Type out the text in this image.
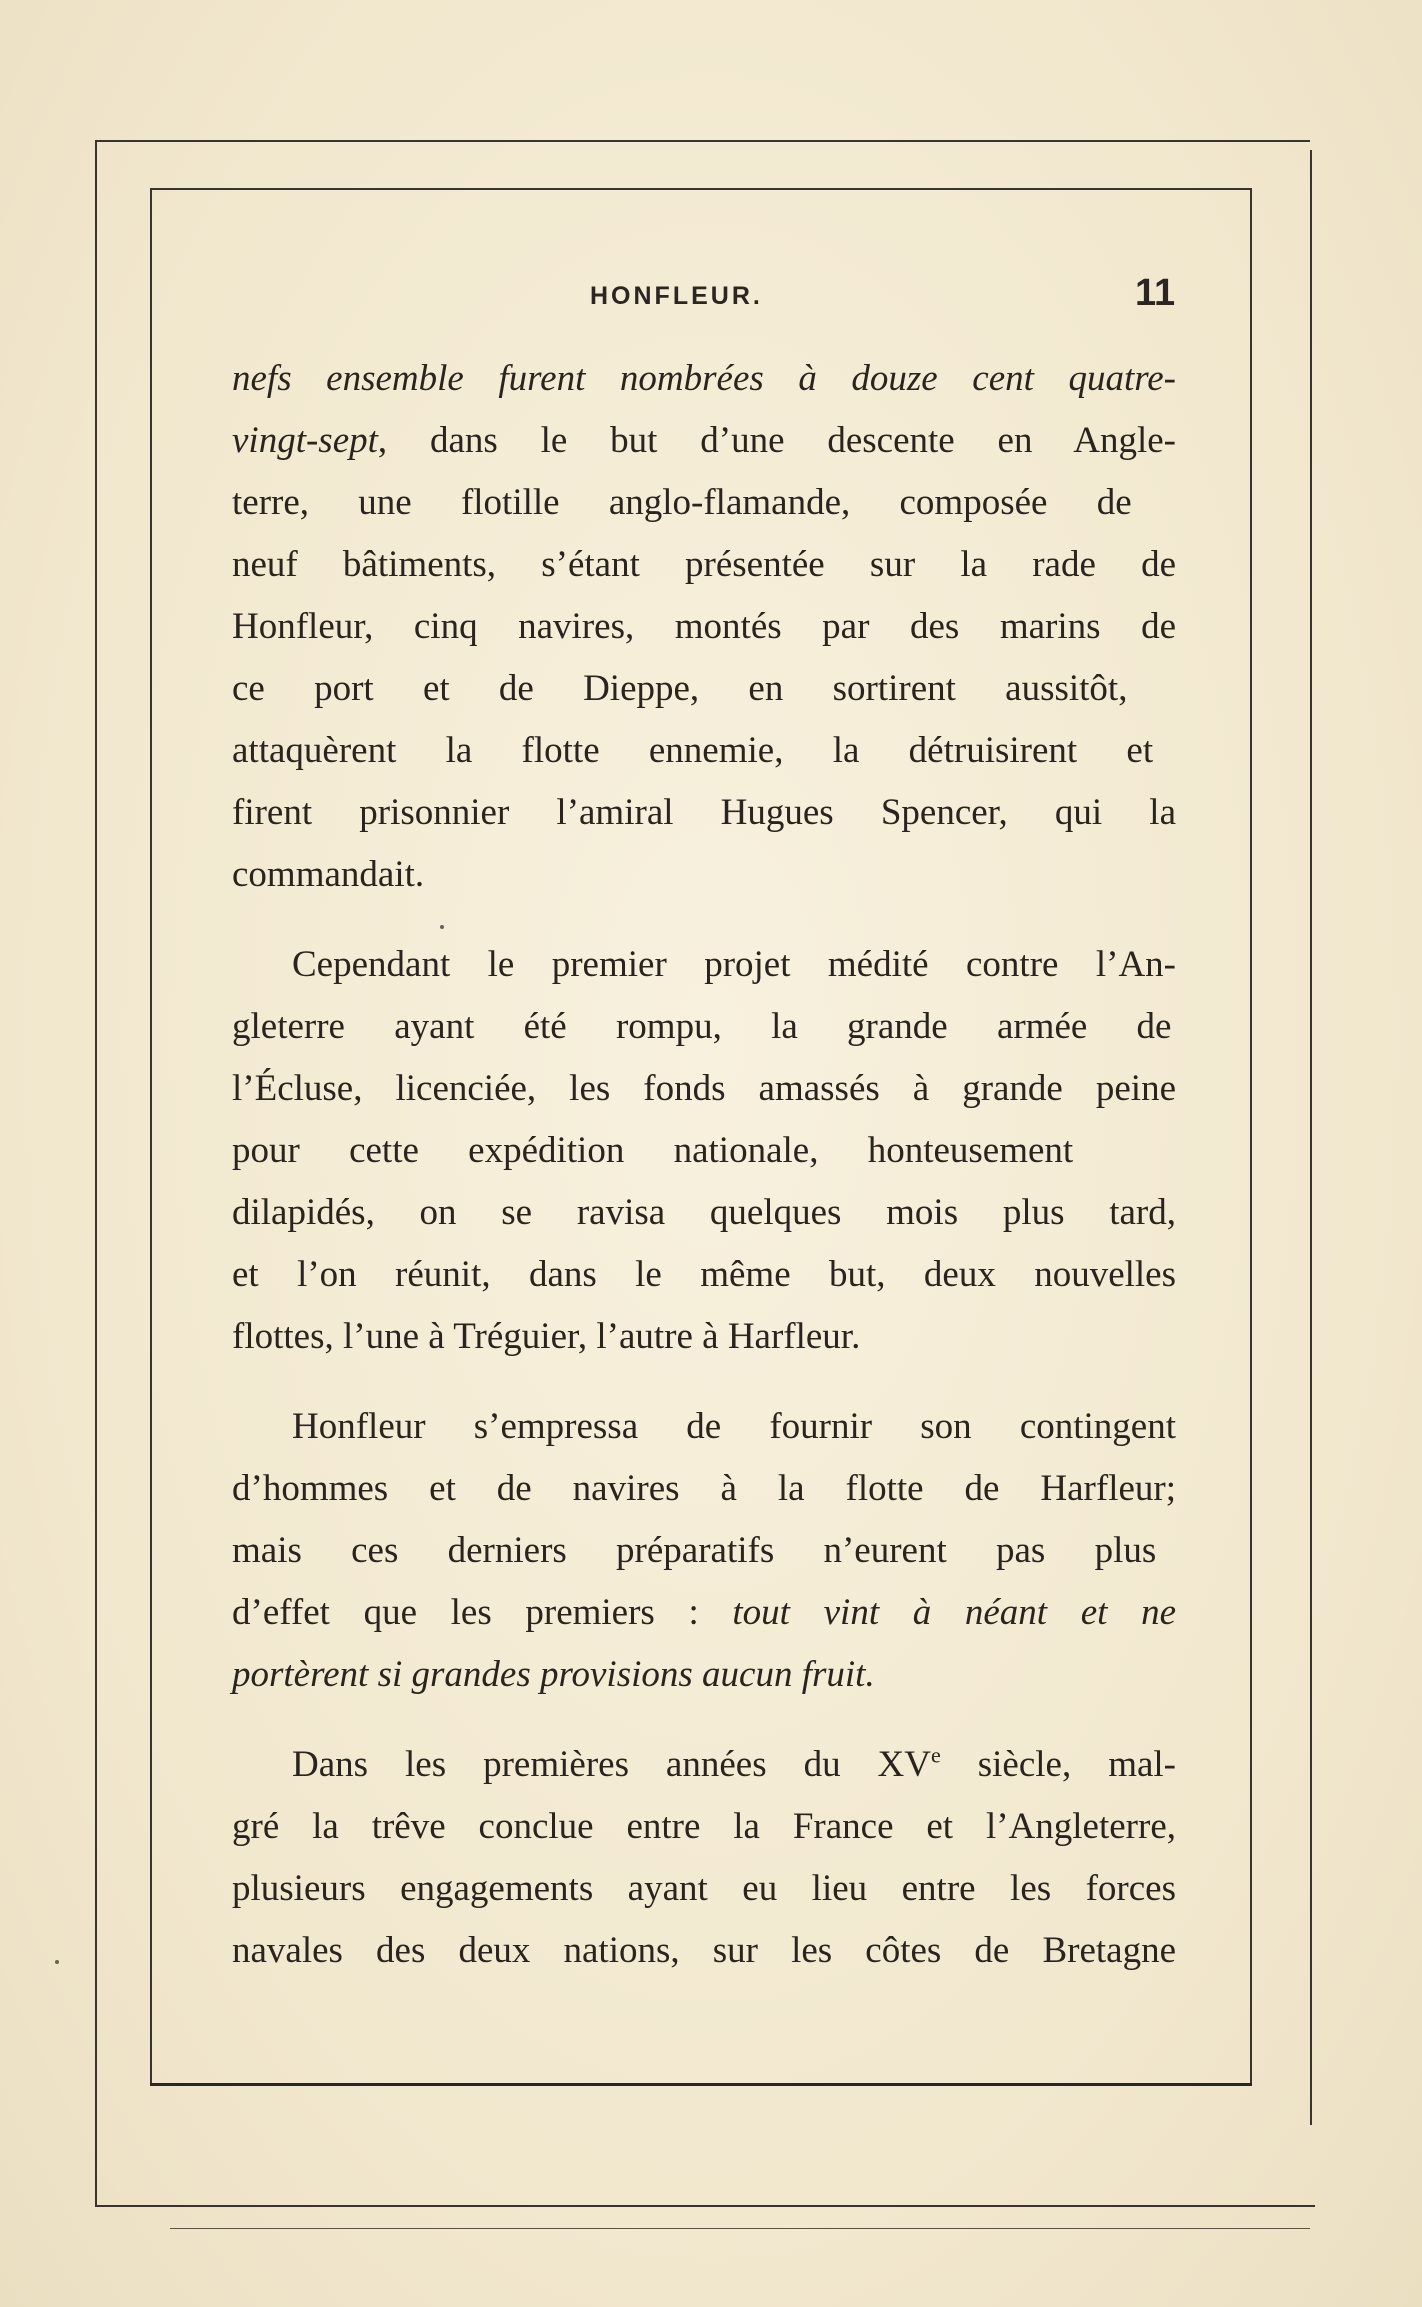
HONFLEUR.	11
nefs ensemble furent nombrées à douze cent quatre-
vingt-sept, dans le but d’une descente en Angle-
terre, une flotille anglo-flamande, composée de
neuf bâtiments, s’étant présentée sur la rade de
Honfleur, cinq navires, montés par des marins de
ce port et de Dieppe, en sortirent aussitôt,
attaquèrent la flotte ennemie, la détruisirent et
firent prisonnier l’amiral Hugues Spencer, qui la
commandait.
Cependant le premier projet médité contre l’An-
gleterre ayant été rompu, la grande armée de
l’Écluse, licenciée, les fonds amassés à grande peine
pour cette expédition nationale, honteusement
dilapidés, on se ravisa quelques mois plus tard,
et l’on réunit, dans le même but, deux nouvelles
flottes, l’une à Tréguier, l’autre à Harfleur.
Honfleur s’empressa de fournir son contingent
d’hommes et de navires à la flotte de Harfleur;
mais ces derniers préparatifs n’eurent pas plus
d’effet que les premiers : tout vint à néant et ne
portèrent si grandes provisions aucun fruit.
Dans les premières années du XVe siècle, mal-
gré la trêve conclue entre la France et l’Angleterre,
plusieurs engagements ayant eu lieu entre les forces
navales des deux nations, sur les côtes de Bretagne
